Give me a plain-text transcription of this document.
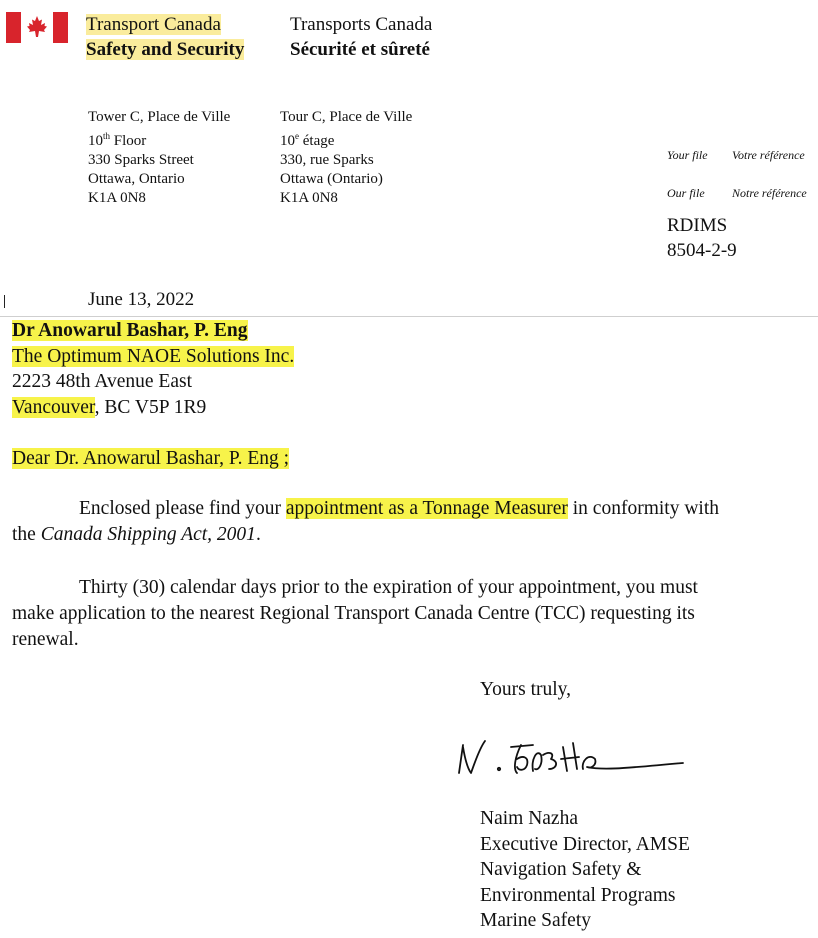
Transport Canada
Safety and Security
Transports Canada
Sécurité et sûreté
Tower C, Place de Ville
10th Floor
330 Sparks Street
Ottawa, Ontario
K1A 0N8
Tour C, Place de Ville
10e étage
330, rue Sparks
Ottawa (Ontario)
K1A 0N8
Your file Votre référence
Our file Notre référence
RDIMS
8504-2-9
June 13, 2022
Dr Anowarul Bashar, P. Eng
The Optimum NAOE Solutions Inc.
2223 48th Avenue East
Vancouver, BC V5P 1R9
Dear Dr. Anowarul Bashar, P. Eng ;
Enclosed please find your appointment as a Tonnage Measurer in conformity with
the Canada Shipping Act, 2001.
Thirty (30) calendar days prior to the expiration of your appointment, you must
make application to the nearest Regional Transport Canada Centre (TCC) requesting its
renewal.
Yours truly,
Naim Nazha
Executive Director, AMSE
Navigation Safety &
Environmental Programs
Marine Safety
